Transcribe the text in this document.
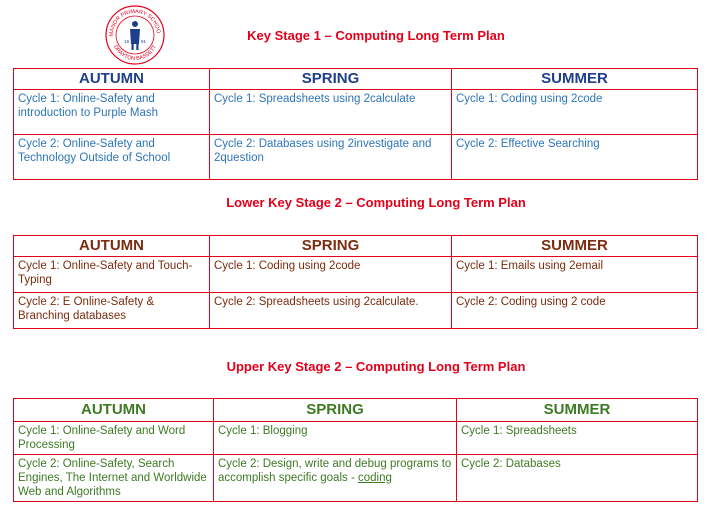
MANOR PRIMARY SCHOO
DRAYTON BASSETT
19	91	Key Stage 1 – Computing Long Term Plan
AUTUMN	SPRING	SUMMER
Cycle 1: Online-Safety and introduction to Purple Mash	Cycle 1: Spreadsheets using 2calculate	Cycle 1: Coding using 2code
Cycle 2: Online-Safety and Technology Outside of School	Cycle 2: Databases using 2investigate and 2question	Cycle 2: Effective Searching
Lower Key Stage 2 – Computing Long Term Plan
AUTUMN	SPRING	SUMMER
Cycle 1: Online-Safety and Touch-Typing	Cycle 1: Coding using 2code	Cycle 1: Emails using 2email
Cycle 2: E Online-Safety & Branching databases	Cycle 2: Spreadsheets using 2calculate.	Cycle 2: Coding using 2 code
Upper Key Stage 2 – Computing Long Term Plan
AUTUMN	SPRING	SUMMER
Cycle 1: Online-Safety and Word Processing	Cycle 1: Blogging	Cycle 1: Spreadsheets
Cycle 2: Online-Safety, Search Engines, The Internet and Worldwide Web and Algorithms	Cycle 2: Design, write and debug programs to accomplish specific goals - coding	Cycle 2: Databases
